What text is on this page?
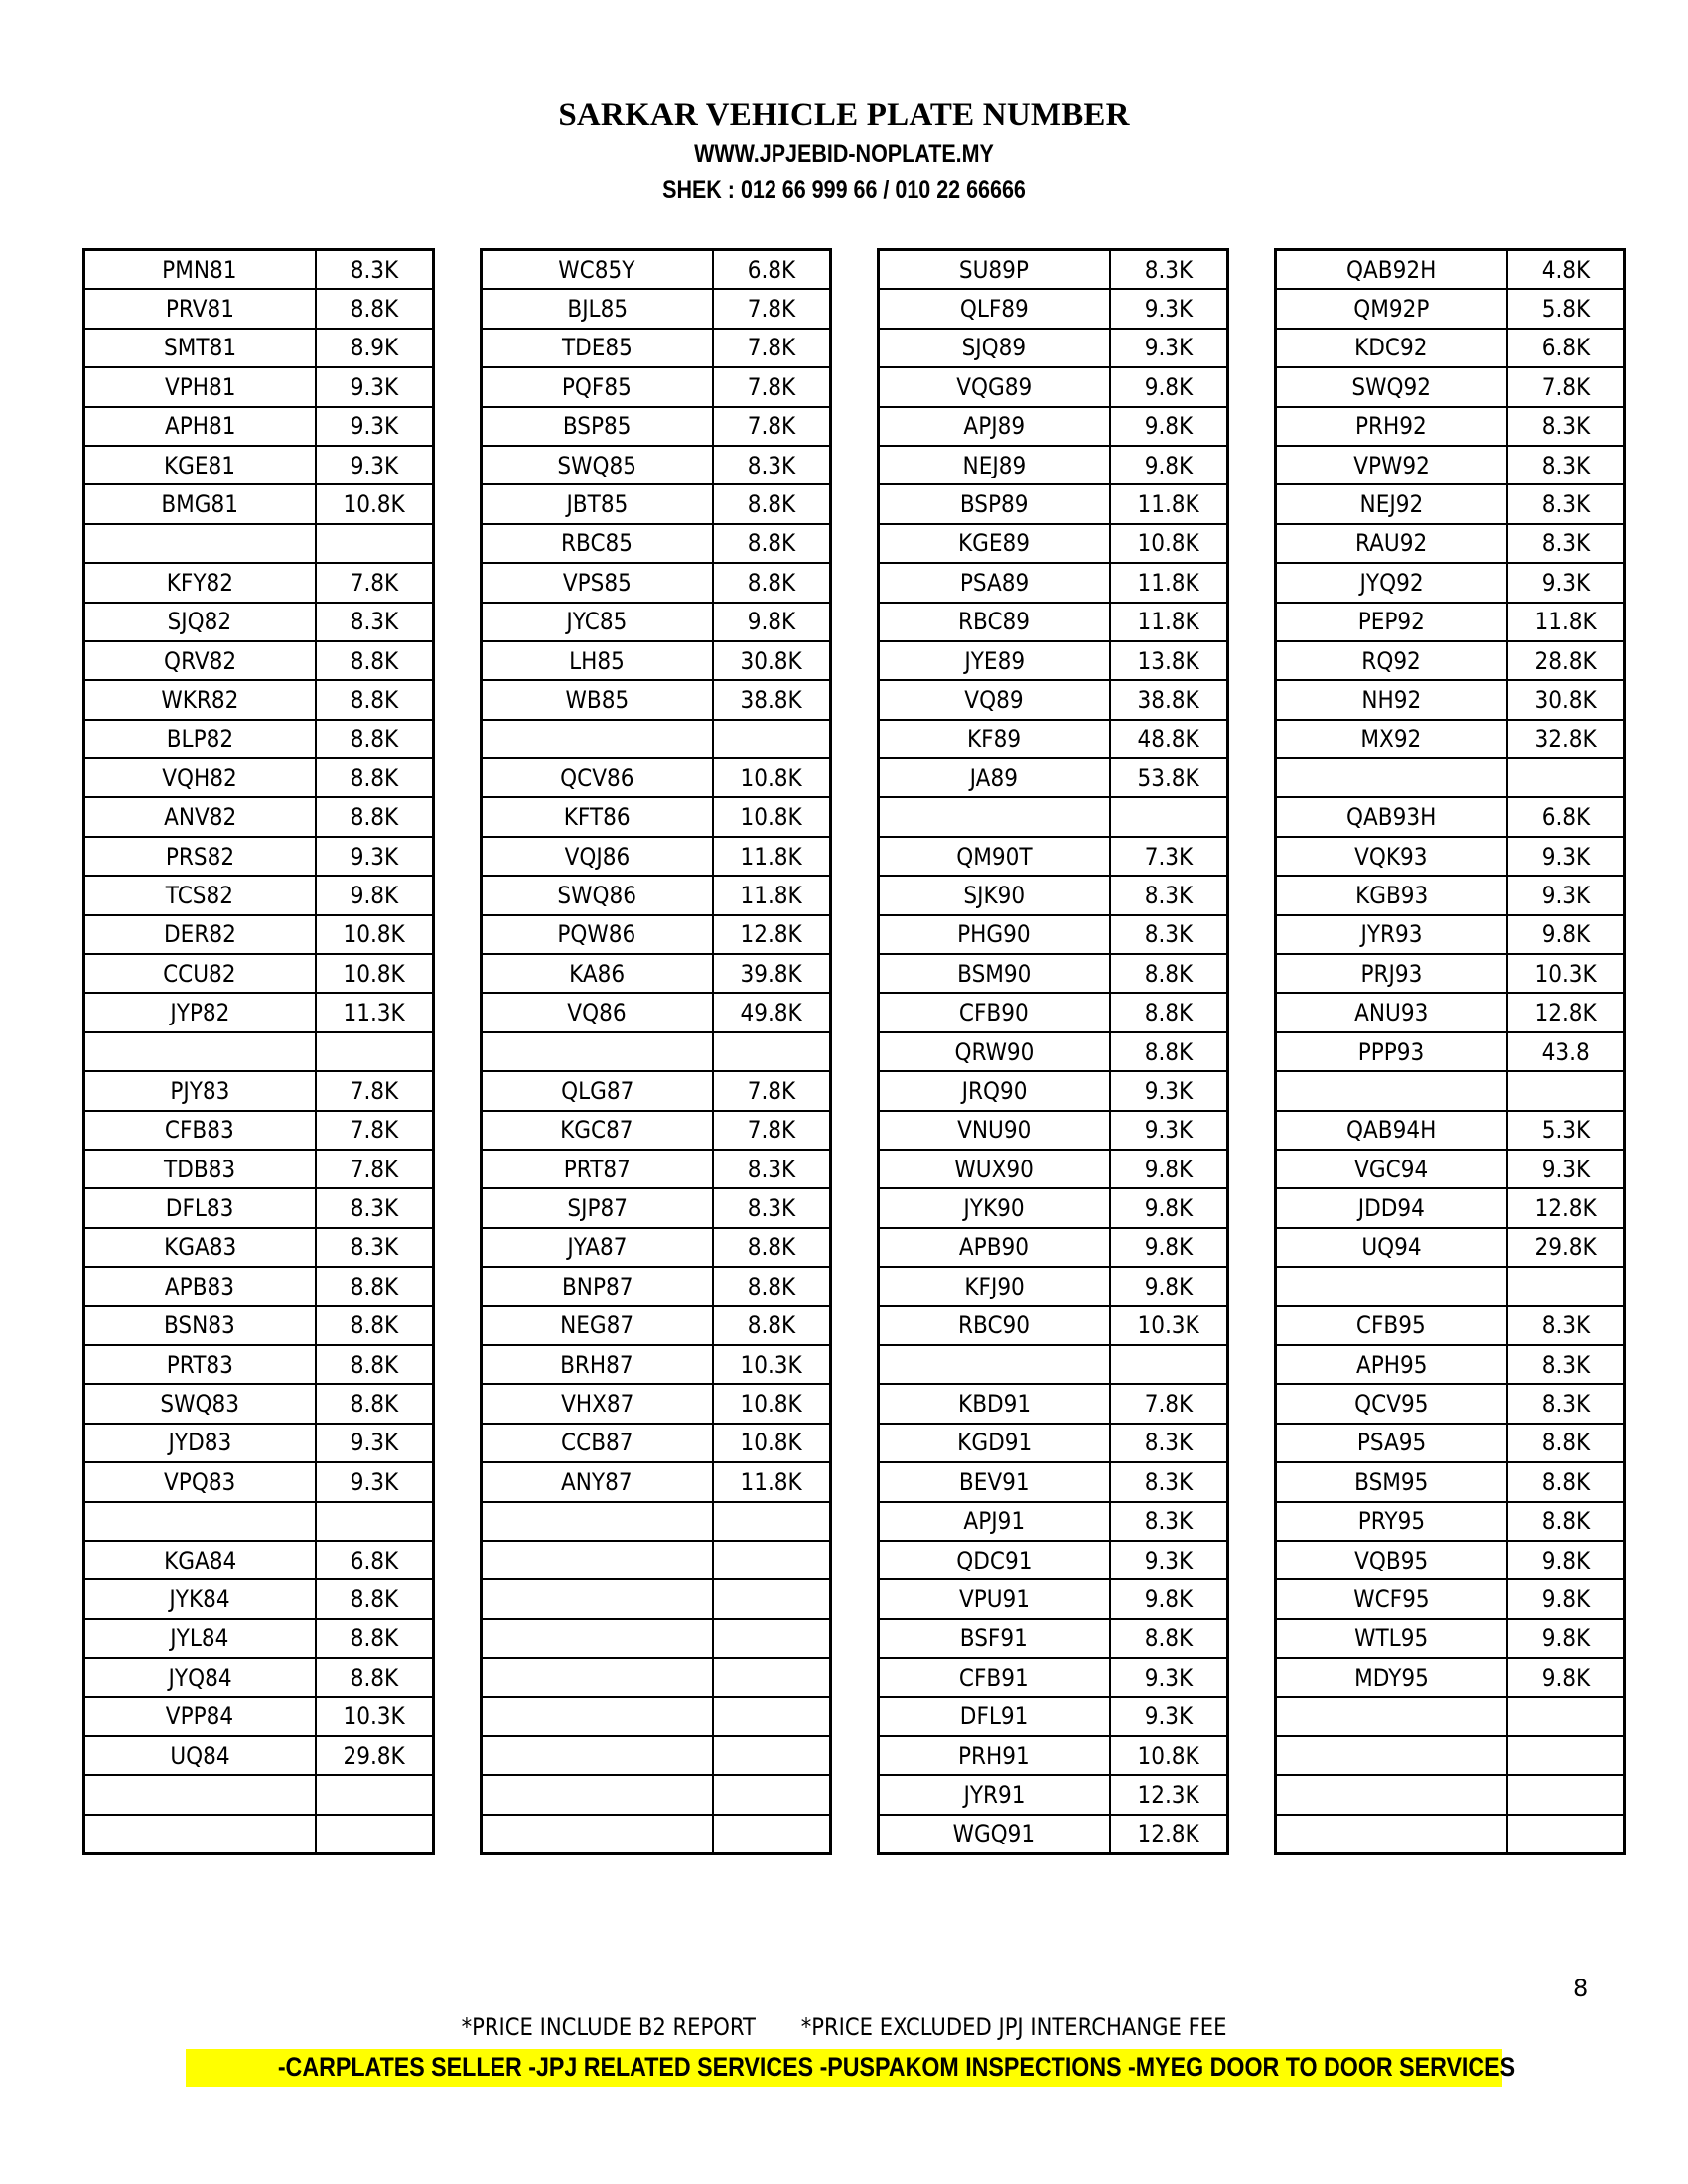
SARKAR VEHICLE PLATE NUMBER
WWW.JPJEBID-NOPLATE.MY
SHEK : 012 66 999 66 / 010 22 66666
PMN81	8.3K
PRV81	8.8K
SMT81	8.9K
VPH81	9.3K
APH81	9.3K
KGE81	9.3K
BMG81	10.8K

KFY82	7.8K
SJQ82	8.3K
QRV82	8.8K
WKR82	8.8K
BLP82	8.8K
VQH82	8.8K
ANV82	8.8K
PRS82	9.3K
TCS82	9.8K
DER82	10.8K
CCU82	10.8K
JYP82	11.3K

PJY83	7.8K
CFB83	7.8K
TDB83	7.8K
DFL83	8.3K
KGA83	8.3K
APB83	8.8K
BSN83	8.8K
PRT83	8.8K
SWQ83	8.8K
JYD83	9.3K
VPQ83	9.3K

KGA84	6.8K
JYK84	8.8K
JYL84	8.8K
JYQ84	8.8K
VPP84	10.3K
UQ84	29.8K

WC85Y	6.8K
BJL85	7.8K
TDE85	7.8K
PQF85	7.8K
BSP85	7.8K
SWQ85	8.3K
JBT85	8.8K
RBC85	8.8K
VPS85	8.8K
JYC85	9.8K
LH85	30.8K
WB85	38.8K

QCV86	10.8K
KFT86	10.8K
VQJ86	11.8K
SWQ86	11.8K
PQW86	12.8K
KA86	39.8K
VQ86	49.8K

QLG87	7.8K
KGC87	7.8K
PRT87	8.3K
SJP87	8.3K
JYA87	8.8K
BNP87	8.8K
NEG87	8.8K
BRH87	10.3K
VHX87	10.8K
CCB87	10.8K
ANY87	11.8K

SU89P	8.3K
QLF89	9.3K
SJQ89	9.3K
VQG89	9.8K
APJ89	9.8K
NEJ89	9.8K
BSP89	11.8K
KGE89	10.8K
PSA89	11.8K
RBC89	11.8K
JYE89	13.8K
VQ89	38.8K
KF89	48.8K
JA89	53.8K

QM90T	7.3K
SJK90	8.3K
PHG90	8.3K
BSM90	8.8K
CFB90	8.8K
QRW90	8.8K
JRQ90	9.3K
VNU90	9.3K
WUX90	9.8K
JYK90	9.8K
APB90	9.8K
KFJ90	9.8K
RBC90	10.3K

KBD91	7.8K
KGD91	8.3K
BEV91	8.3K
APJ91	8.3K
QDC91	9.3K
VPU91	9.8K
BSF91	8.8K
CFB91	9.3K
DFL91	9.3K
PRH91	10.8K
JYR91	12.3K
WGQ91	12.8K
QAB92H	4.8K
QM92P	5.8K
KDC92	6.8K
SWQ92	7.8K
PRH92	8.3K
VPW92	8.3K
NEJ92	8.3K
RAU92	8.3K
JYQ92	9.3K
PEP92	11.8K
RQ92	28.8K
NH92	30.8K
MX92	32.8K

QAB93H	6.8K
VQK93	9.3K
KGB93	9.3K
JYR93	9.8K
PRJ93	10.3K
ANU93	12.8K
PPP93	43.8

QAB94H	5.3K
VGC94	9.3K
JDD94	12.8K
UQ94	29.8K

CFB95	8.3K
APH95	8.3K
QCV95	8.3K
PSA95	8.8K
BSM95	8.8K
PRY95	8.8K
VQB95	9.8K
WCF95	9.8K
WTL95	9.8K
MDY95	9.8K

8
*PRICE INCLUDE B2 REPORT *PRICE EXCLUDED JPJ INTERCHANGE FEE
-CARPLATES SELLER -JPJ RELATED SERVICES -PUSPAKOM INSPECTIONS -MYEG DOOR TO DOOR SERVICES
